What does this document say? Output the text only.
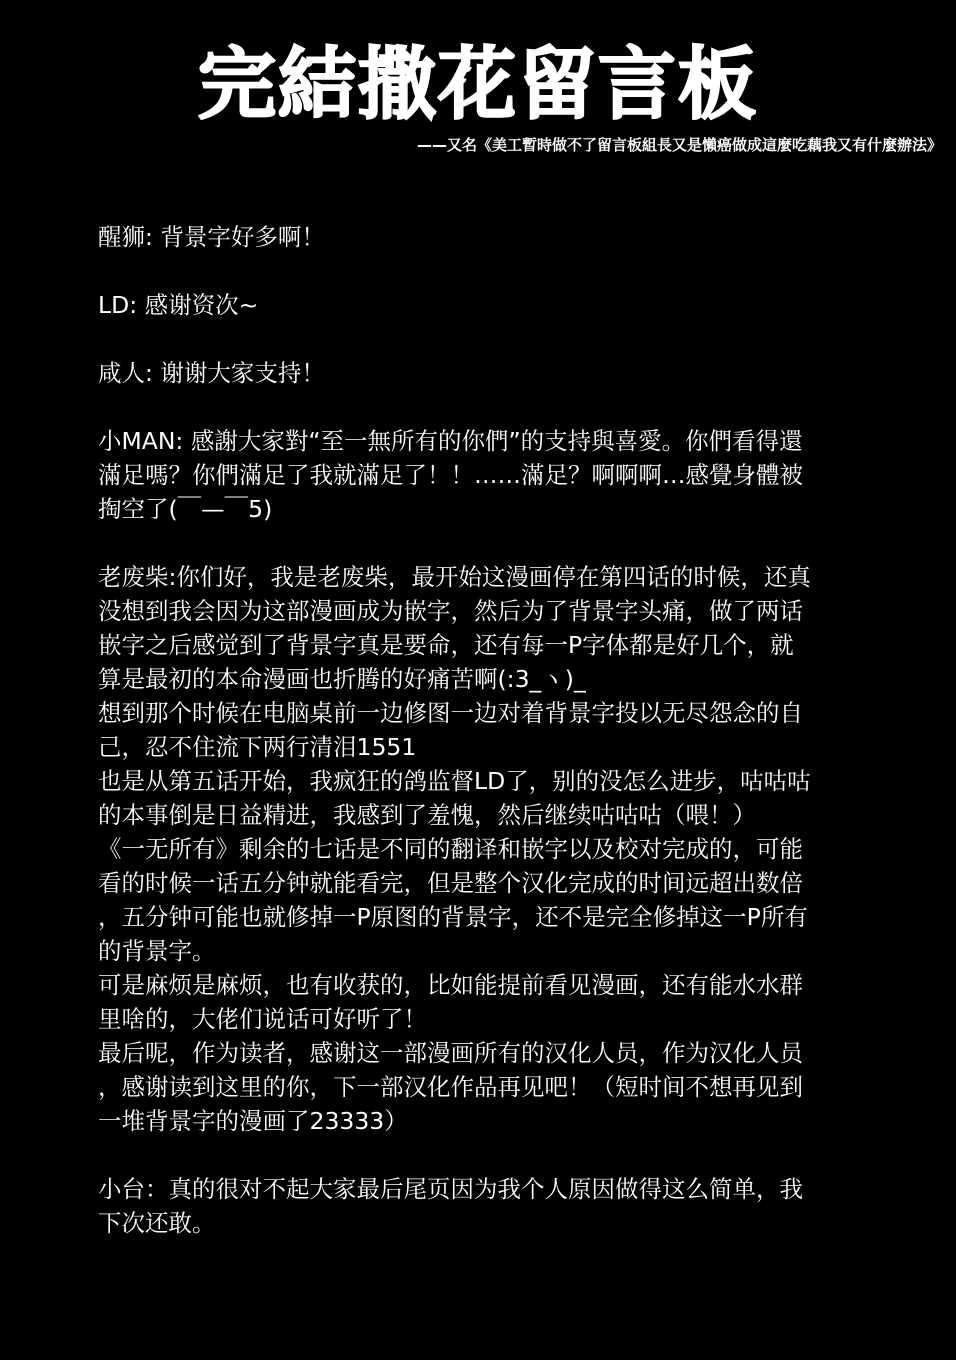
完結撒花留言板
——又名《美工暫時做不了留言板組長又是懶癌做成這麼吃藕我又有什麼辦法》
醒狮: 背景字好多啊！
LD: 感谢资次~
咸人: 谢谢大家支持！
小MAN: 感謝大家對“至一無所有的你們”的支持與喜愛。你們看得還
滿足嗎？你們滿足了我就滿足了！！……滿足？啊啊啊…感覺身體被
掏空了(￣—￣5)
老废柴:你们好，我是老废柴，最开始这漫画停在第四话的时候，还真
没想到我会因为这部漫画成为嵌字，然后为了背景字头痛，做了两话
嵌字之后感觉到了背景字真是要命，还有每一P字体都是好几个，就
算是最初的本命漫画也折腾的好痛苦啊(:3_ヽ)_
想到那个时候在电脑桌前一边修图一边对着背景字投以无尽怨念的自
己，忍不住流下两行清泪1551
也是从第五话开始，我疯狂的鸽监督LD了，别的没怎么进步，咕咕咕
的本事倒是日益精进，我感到了羞愧，然后继续咕咕咕（喂！）
《一无所有》剩余的七话是不同的翻译和嵌字以及校对完成的，可能
看的时候一话五分钟就能看完，但是整个汉化完成的时间远超出数倍
，五分钟可能也就修掉一P原图的背景字，还不是完全修掉这一P所有
的背景字。
可是麻烦是麻烦，也有收获的，比如能提前看见漫画，还有能水水群
里啥的，大佬们说话可好听了！
最后呢，作为读者，感谢这一部漫画所有的汉化人员，作为汉化人员
，感谢读到这里的你，下一部汉化作品再见吧！（短时间不想再见到
一堆背景字的漫画了23333）
小台：真的很对不起大家最后尾页因为我个人原因做得这么简单，我
下次还敢。
